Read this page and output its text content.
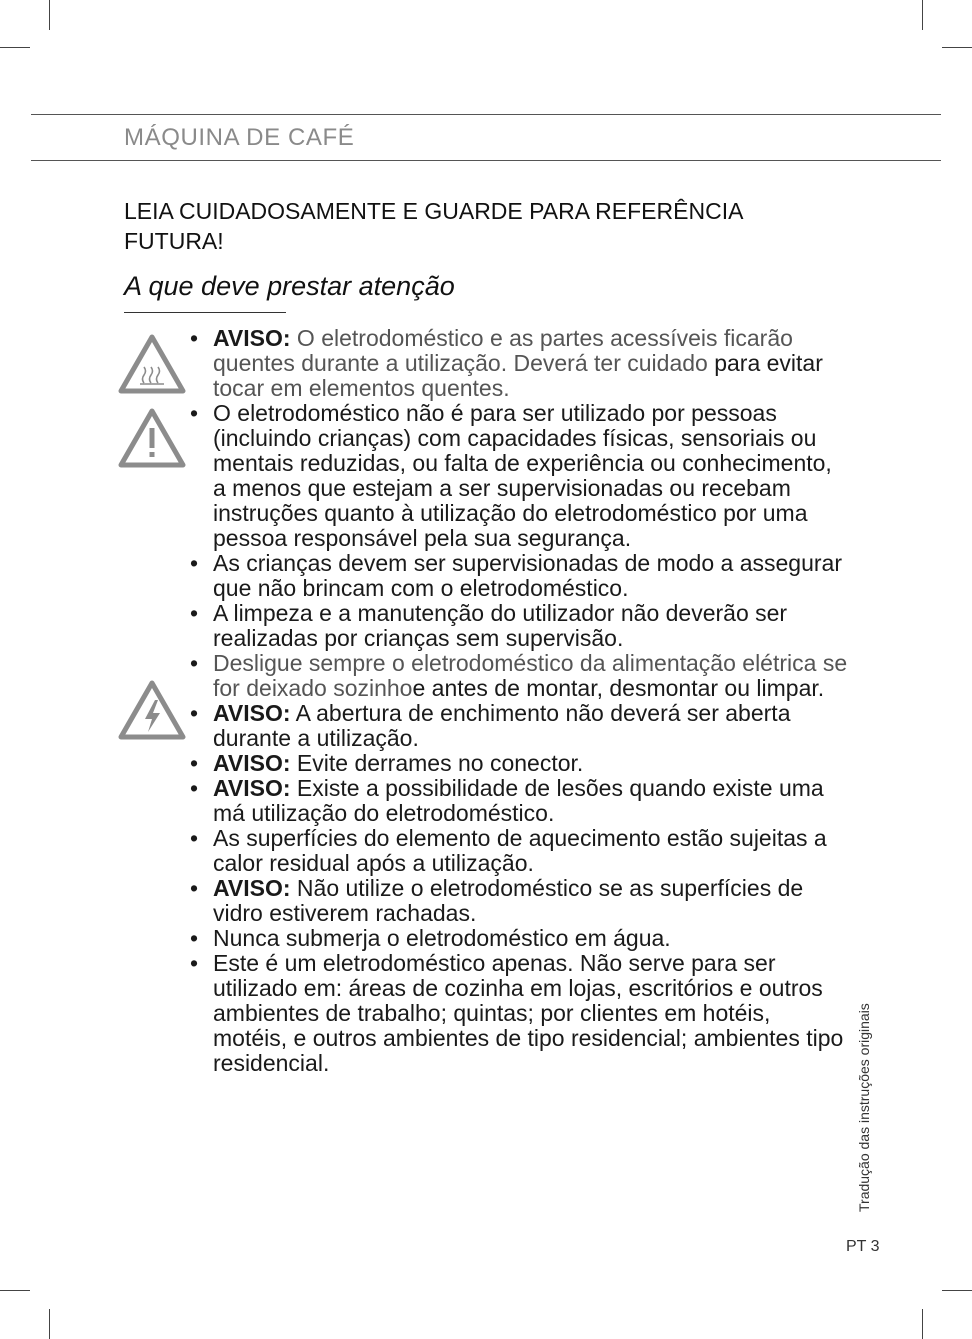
MÁQUINA DE CAFÉ
LEIA CUIDADOSAMENTE E GUARDE PARA REFERÊNCIA FUTURA!
A que deve prestar atenção
• AVISO: O eletrodoméstico e as partes acessíveis ficarão quentes durante a utilização. Deverá ter cuidado para evitar tocar em elementos quentes.
• O eletrodoméstico não é para ser utilizado por pessoas (incluindo crianças) com capacidades físicas, sensoriais ou mentais reduzidas, ou falta de experiência ou conhecimento, a menos que estejam a ser supervisionadas ou recebam instruções quanto à utilização do eletrodoméstico por uma pessoa responsável pela sua segurança.
• As crianças devem ser supervisionadas de modo a assegurar que não brincam com o eletrodoméstico.
• A limpeza e a manutenção do utilizador não deverão ser realizadas por crianças sem supervisão.
• Desligue sempre o eletrodoméstico da alimentação elétrica se for deixado sozinhoe antes de montar, desmontar ou limpar.
• AVISO: A abertura de enchimento não deverá ser aberta durante a utilização.
• AVISO: Evite derrames no conector.
• AVISO: Existe a possibilidade de lesões quando existe uma má utilização do eletrodoméstico.
• As superfícies do elemento de aquecimento estão sujeitas a calor residual após a utilização.
• AVISO: Não utilize o eletrodoméstico se as superfícies de vidro estiverem rachadas.
• Nunca submerja o eletrodoméstico em água.
• Este é um eletrodoméstico apenas. Não serve para ser utilizado em: áreas de cozinha em lojas, escritórios e outros ambientes de trabalho; quintas; por clientes em hotéis, motéis, e outros ambientes de tipo residencial; ambientes tipo residencial.	Tradução das instruções originais
PT 3
